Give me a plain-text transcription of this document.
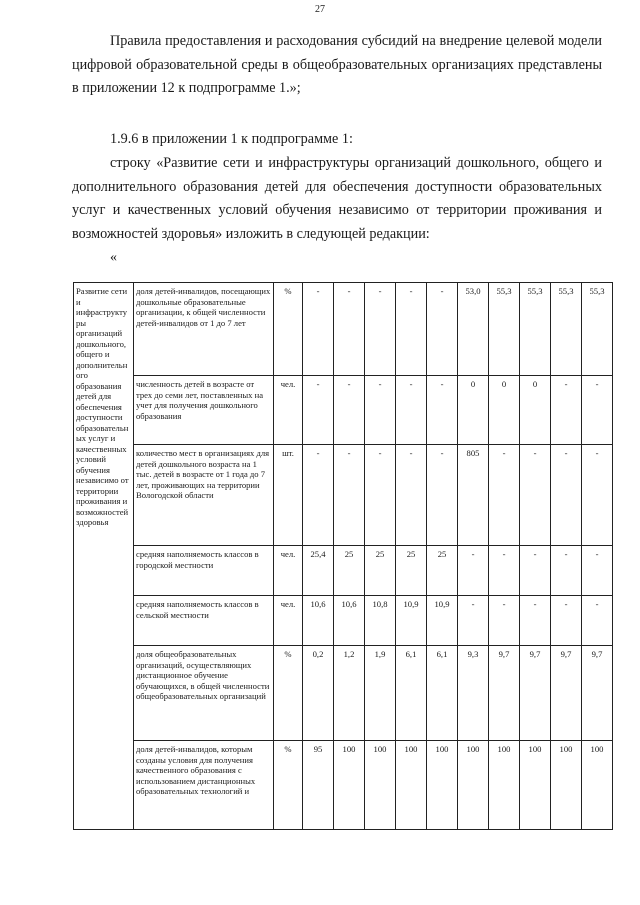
27
Правила предоставления и расходования субсидий на внедрение целевой модели цифровой образовательной среды в общеобразовательных организациях представлены в приложении 12 к подпрограмме 1.»;
1.9.6 в приложении 1 к подпрограмме 1:
строку «Развитие сети и инфраструктуры организаций дошкольного, общего и дополнительного образования детей для обеспечения доступности образовательных услуг и качественных условий обучения независимо от территории проживания и возможностей здоровья» изложить в следующей редакции:
«
Развитие сети и инфраструктуры организаций дошкольного, общего и дополнительного образования детей для обеспечения доступности образовательных услуг и качественных условий обучения независимо от территории проживания и возможностей здоровья	доля детей-инвалидов, посещающих дошкольные образовательные организации, к общей численности детей-инвалидов от 1 до 7 лет	%	-	-	-	-	-	53,0	55,3	55,3	55,3	55,3
	численность детей в возрасте от трех до семи лет, поставленных на учет для получения дошкольного образования	чел.	-	-	-	-	-	0	0	0	-	-
	количество мест в организациях для детей дошкольного возраста на 1 тыс. детей в возрасте от 1 года до 7 лет, проживающих на территории Вологодской области	шт.	-	-	-	-	-	805	-	-	-	-
	средняя наполняемость классов в городской местности	чел.	25,4	25	25	25	25	-	-	-	-	-
	средняя наполняемость классов в сельской местности	чел.	10,6	10,6	10,8	10,9	10,9	-	-	-	-	-
	доля общеобразовательных организаций, осуществляющих дистанционное обучение обучающихся, в общей численности общеобразовательных организаций	%	0,2	1,2	1,9	6,1	6,1	9,3	9,7	9,7	9,7	9,7
	доля детей-инвалидов, которым созданы условия для получения качественного образования с использованием дистанционных образовательных технологий и	%	95	100	100	100	100	100	100	100	100	100
